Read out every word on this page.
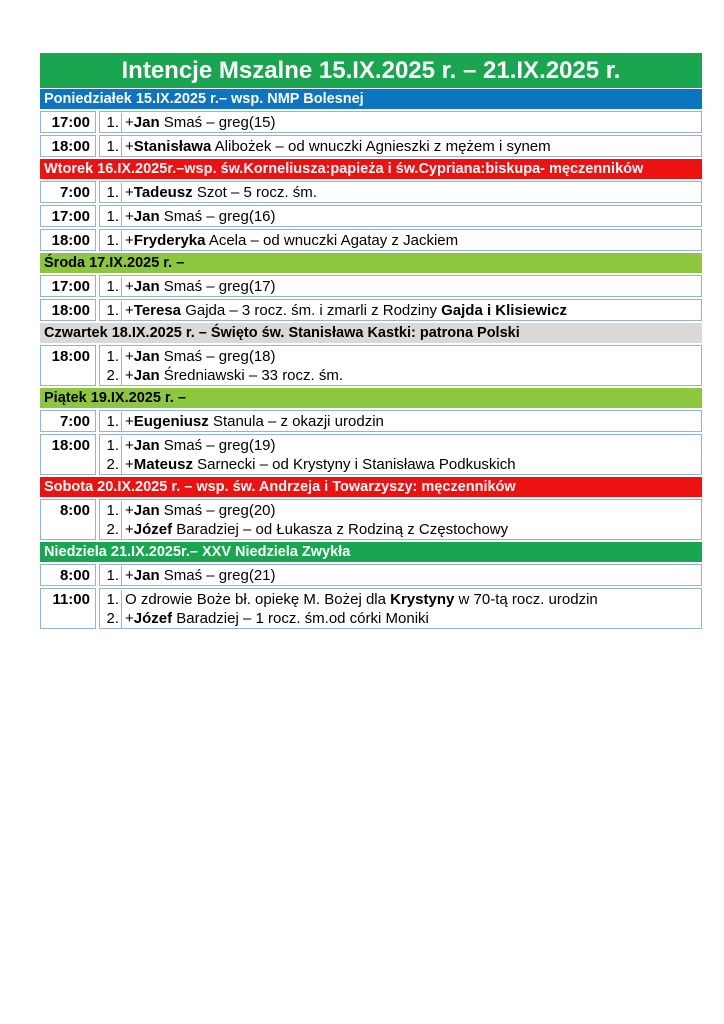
Intencje Mszalne 15.IX.2025 r. – 21.IX.2025 r.
Poniedziałek 15.IX.2025 r.– wsp. NMP Bolesnej
17:00	1. +Jan Smaś – greg(15)
18:00	1. +Stanisława Alibożek – od wnuczki Agnieszki z mężem i synem
Wtorek 16.IX.2025r.–wsp. św.Korneliusza:papieża i św.Cypriana:biskupa- męczenników
7:00	1. +Tadeusz Szot – 5 rocz. śm.
17:00	1. +Jan Smaś – greg(16)
18:00	1. +Fryderyka Acela – od wnuczki Agatay z Jackiem
Środa 17.IX.2025 r. –
17:00	1. +Jan Smaś – greg(17)
18:00	1. +Teresa Gajda – 3 rocz. śm. i zmarli z Rodziny Gajda i Klisiewicz
Czwartek 18.IX.2025 r. – Święto św. Stanisława Kastki: patrona Polski
18:00	1. +Jan Smaś – greg(18)
2. +Jan Średniawski – 33 rocz. śm.
Piątek 19.IX.2025 r. –
7:00	1. +Eugeniusz Stanula – z okazji urodzin
18:00	1. +Jan Smaś – greg(19)
2. +Mateusz Sarnecki – od Krystyny i Stanisława Podkuskich
Sobota 20.IX.2025 r. – wsp. św. Andrzeja i Towarzyszy: męczenników
8:00	1. +Jan Smaś – greg(20)
2. +Józef Baradziej – od Łukasza z Rodziną z Częstochowy
Niedziela 21.IX.2025r.– XXV Niedziela Zwykła
8:00	1. +Jan Smaś – greg(21)
11:00	1. O zdrowie Boże bł. opiekę M. Bożej dla Krystyny w 70-tą rocz. urodzin
2. +Józef Baradziej – 1 rocz. śm.od córki Moniki
